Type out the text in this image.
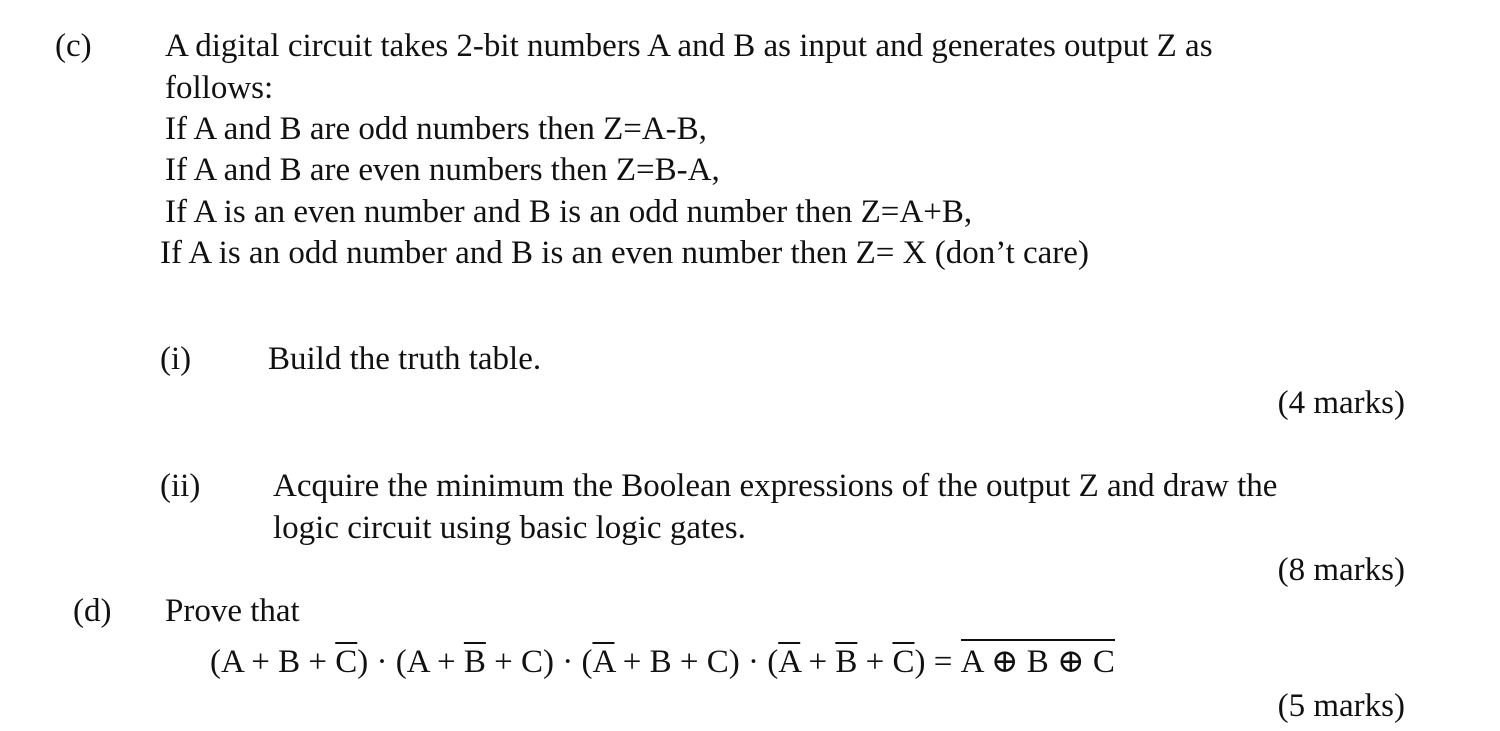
(c) A digital circuit takes 2-bit numbers A and B as input and generates output Z as
follows:
If A and B are odd numbers then Z=A-B,
If A and B are even numbers then Z=B-A,
If A is an even number and B is an odd number then Z=A+B,
If A is an odd number and B is an even number then Z= X (don’t care)
(i) Build the truth table.
(4 marks)
(ii) Acquire the minimum the Boolean expressions of the output Z and draw the
logic circuit using basic logic gates.
(8 marks)
(d) Prove that
$(A + B + \overline{C}) \cdot (A + \overline{B} + C) \cdot (\overline{A} + B + C) \cdot (\overline{A} + \overline{B} + \overline{C})$ =
A ⊕ B ⊕ C
(5 marks)
